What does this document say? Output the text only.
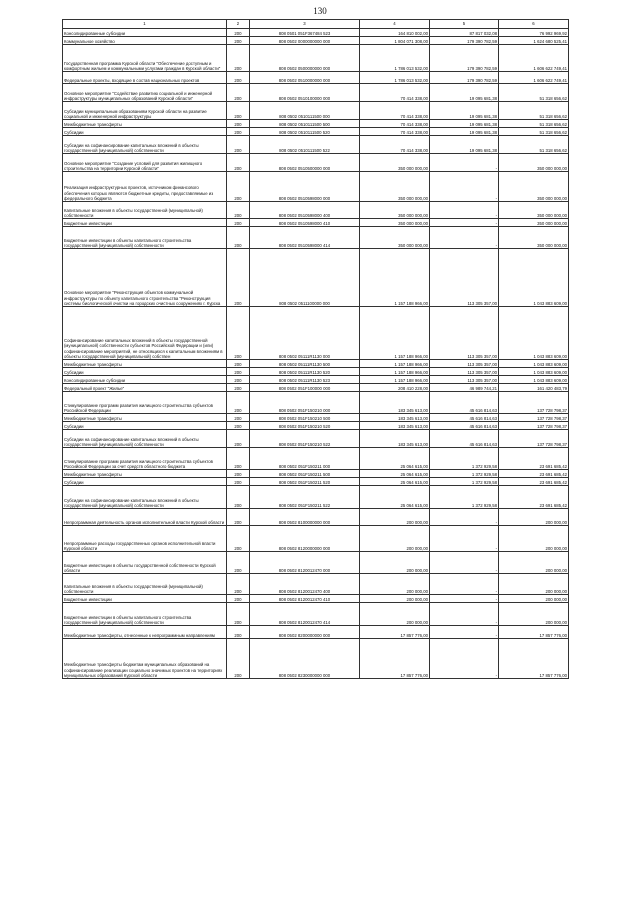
130
1	2	3	4	5	6
Консолидированные субсидии	200	808 0501 051F367484 523	164 810 002,00	87 817 032,08	76 992 969,92
Коммунальное хозяйство	200	808 0502 0000000000 000	1 804 071 308,00	179 390 782,59	1 624 680 525,41
Государственная программа Курской области "Обеспечение доступным и комфортным жильем и коммунальными услугами граждан в Курской области"	200	808 0502 0500000000 000	1 786 013 532,00	179 390 782,59	1 606 622 749,41
Федеральные проекты, входящие в состав национальных проектов	200	808 0502 0510000000 000	1 786 013 532,00	179 390 782,59	1 606 622 749,41
Основное мероприятие "Содействие развитию социальной и инженерной инфраструктуры муниципальных образований Курской области"	200	808 0502 0510100000 000	70 414 338,00	19 095 681,38	51 318 656,62
Субсидии муниципальным образованиям Курской области на развитие социальной и инженерной инфраструктуры	200	808 0502 0510111500 000	70 414 338,00	19 095 681,38	51 318 656,62
Межбюджетные трансферты	200	808 0502 0510111500 500	70 414 338,00	19 095 681,38	51 318 656,62
Субсидии	200	808 0502 0510111500 520	70 414 338,00	19 095 681,38	51 318 656,62
Субсидии на софинансирование капитальных вложений в объекты государственной (муниципальной) собственности	200	808 0502 0510111500 522	70 414 338,00	19 095 681,38	51 318 656,62
Основное мероприятие "Создание условий для развития жилищного строительства на территории Курской области"	200	808 0502 0510500000 000	350 000 000,00	-	350 000 000,00
Реализация инфраструктурных проектов, источником финансового обеспечения которых являются бюджетные кредиты, предоставляемые из федерального бюджета	200	808 0502 0510598000 000	350 000 000,00	-	350 000 000,00
Капитальные вложения в объекты государственной (муниципальной) собственности	200	808 0502 0510598000 400	350 000 000,00	-	350 000 000,00
Бюджетные инвестиции	200	808 0502 0510598000 410	350 000 000,00	-	350 000 000,00
Бюджетные инвестиции в объекты капитального строительства государственной (муниципальной) собственности	200	808 0502 0510598000 414	350 000 000,00	-	350 000 000,00
Основное мероприятие "Реконструкция объектов коммунальной инфраструктуры по объекту капитального строительства "Реконструкция системы биологической очистки на городских очистных сооружениях г. Курска	200	808 0502 0511100000 000	1 157 188 966,00	113 305 357,00	1 043 883 609,00
Софинансирование капитальных вложений в объекты государственной (муниципальной) собственности субъектов Российской Федерации и (или) софинансирование мероприятий, не относящихся к капитальным вложениям в объекты государственной (муниципальной) собствен	200	808 0502 05111R1130 000	1 157 188 966,00	113 305 357,00	1 043 883 609,00
Межбюджетные трансферты	200	808 0502 05111R1130 500	1 157 188 966,00	113 305 357,00	1 043 883 609,00
Субсидии	200	808 0502 05111R1130 520	1 157 188 966,00	113 305 357,00	1 043 883 609,00
Консолидированные субсидии	200	808 0502 05111R1130 523	1 157 188 966,00	113 305 357,00	1 043 883 609,00
Федеральный проект "Жилье"	200	808 0502 051F100000 000	208 410 228,00	46 989 744,21	161 420 483,79
Стимулирование программ развития жилищного строительства субъектов Российской Федерации	200	808 0502 051F150210 000	183 345 613,00	45 616 814,63	137 728 798,37
Межбюджетные трансферты	200	808 0502 051F150210 500	183 345 613,00	45 616 814,63	137 728 798,37
Субсидии	200	808 0502 051F150210 520	183 345 613,00	45 616 814,63	137 728 798,37
Субсидии на софинансирование капитальных вложений в объекты государственной (муниципальной) собственности	200	808 0502 051F150210 522	183 345 613,00	45 616 814,63	137 728 798,37
Стимулирование программ развития жилищного строительства субъектов Российской Федерации за счет средств областного бюджета	200	808 0502 051F150211 000	25 064 615,00	1 372 929,58	23 691 685,42
Межбюджетные трансферты	200	808 0502 051F150211 500	25 064 615,00	1 372 929,58	23 691 685,42
Субсидии	200	808 0502 051F150211 520	25 064 615,00	1 372 929,58	23 691 685,42
Субсидии на софинансирование капитальных вложений в объекты государственной (муниципальной) собственности	200	808 0502 051F150211 522	25 064 615,00	1 372 929,58	23 691 685,42
Непрограммная деятельность органов исполнительной власти Курской области	200	808 0502 8100000000 000	200 000,00	-	200 000,00
Непрограммные расходы государственных органов исполнительной власти Курской области	200	808 0502 8120000000 000	200 000,00	-	200 000,00
Бюджетные инвестиции в объекты государственной собственности Курской области	200	808 0502 8120012470 000	200 000,00	-	200 000,00
Капитальные вложения в объекты государственной (муниципальной) собственности	200	808 0502 8120012470 400	200 000,00	-	200 000,00
Бюджетные инвестиции	200	808 0502 8120012470 410	200 000,00	-	200 000,00
Бюджетные инвестиции в объекты капитального строительства государственной (муниципальной) собственности	200	808 0502 8120012470 414	200 000,00	-	200 000,00
Межбюджетные трансферты, отнесенные к непрограммным направлениям	200	808 0502 8200000000 000	17 857 776,00	-	17 857 776,00
Межбюджетные трансферты бюджетам муниципальных образований на софинансирование реализации социально значимых проектов на территориях муниципальных образований Курской области	200	808 0502 8230000000 000	17 857 776,00	-	17 857 776,00
